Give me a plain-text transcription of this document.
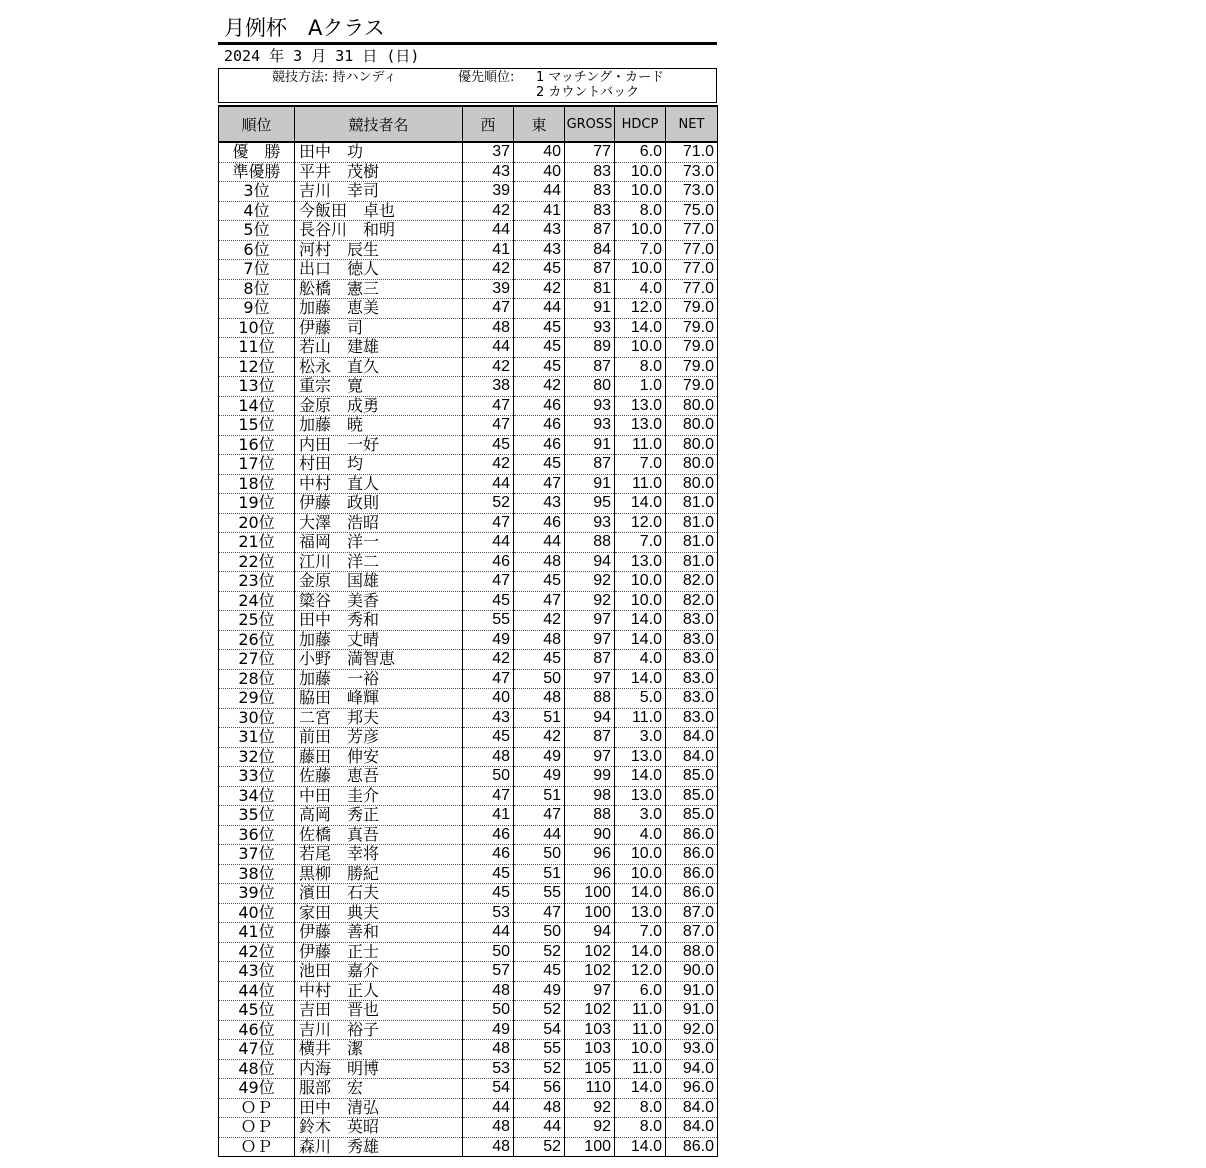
月例杯　Aクラス
2024 年 3 月 31 日 (日)
競技方法: 持ハンディ	優先順位: 1 マッチング・カード
2 カウントバック
順位	競技者名	西	東	GROSS	HDCP	NET
優　勝	田中　功	37	40	77	6.0	71.0
準優勝	平井　茂樹	43	40	83	10.0	73.0
3位	吉川　幸司	39	44	83	10.0	73.0
4位	今飯田　卓也	42	41	83	8.0	75.0
5位	長谷川　和明	44	43	87	10.0	77.0
6位	河村　辰生	41	43	84	7.0	77.0
7位	出口　徳人	42	45	87	10.0	77.0
8位	舩橋　憲三	39	42	81	4.0	77.0
9位	加藤　恵美	47	44	91	12.0	79.0
10位	伊藤　司	48	45	93	14.0	79.0
11位	若山　建雄	44	45	89	10.0	79.0
12位	松永　直久	42	45	87	8.0	79.0
13位	重宗　寛	38	42	80	1.0	79.0
14位	金原　成勇	47	46	93	13.0	80.0
15位	加藤　暁	47	46	93	13.0	80.0
16位	内田　一好	45	46	91	11.0	80.0
17位	村田　均	42	45	87	7.0	80.0
18位	中村　直人	44	47	91	11.0	80.0
19位	伊藤　政則	52	43	95	14.0	81.0
20位	大澤　浩昭	47	46	93	12.0	81.0
21位	福岡　洋一	44	44	88	7.0	81.0
22位	江川　洋二	46	48	94	13.0	81.0
23位	金原　国雄	47	45	92	10.0	82.0
24位	簗谷　美香	45	47	92	10.0	82.0
25位	田中　秀和	55	42	97	14.0	83.0
26位	加藤　丈晴	49	48	97	14.0	83.0
27位	小野　満智恵	42	45	87	4.0	83.0
28位	加藤　一裕	47	50	97	14.0	83.0
29位	脇田　峰輝	40	48	88	5.0	83.0
30位	二宮　邦夫	43	51	94	11.0	83.0
31位	前田　芳彦	45	42	87	3.0	84.0
32位	藤田　伸安	48	49	97	13.0	84.0
33位	佐藤　恵吾	50	49	99	14.0	85.0
34位	中田　圭介	47	51	98	13.0	85.0
35位	高岡　秀正	41	47	88	3.0	85.0
36位	佐橋　真吾	46	44	90	4.0	86.0
37位	若尾　幸将	46	50	96	10.0	86.0
38位	黒柳　勝紀	45	51	96	10.0	86.0
39位	濱田　石夫	45	55	100	14.0	86.0
40位	家田　典夫	53	47	100	13.0	87.0
41位	伊藤　善和	44	50	94	7.0	87.0
42位	伊藤　正士	50	52	102	14.0	88.0
43位	池田　嘉介	57	45	102	12.0	90.0
44位	中村　正人	48	49	97	6.0	91.0
45位	吉田　晋也	50	52	102	11.0	91.0
46位	吉川　裕子	49	54	103	11.0	92.0
47位	横井　潔	48	55	103	10.0	93.0
48位	内海　明博	53	52	105	11.0	94.0
49位	服部　宏	54	56	110	14.0	96.0
ＯＰ	田中　清弘	44	48	92	8.0	84.0
ＯＰ	鈴木　英昭	48	44	92	8.0	84.0
ＯＰ	森川　秀雄	48	52	100	14.0	86.0
